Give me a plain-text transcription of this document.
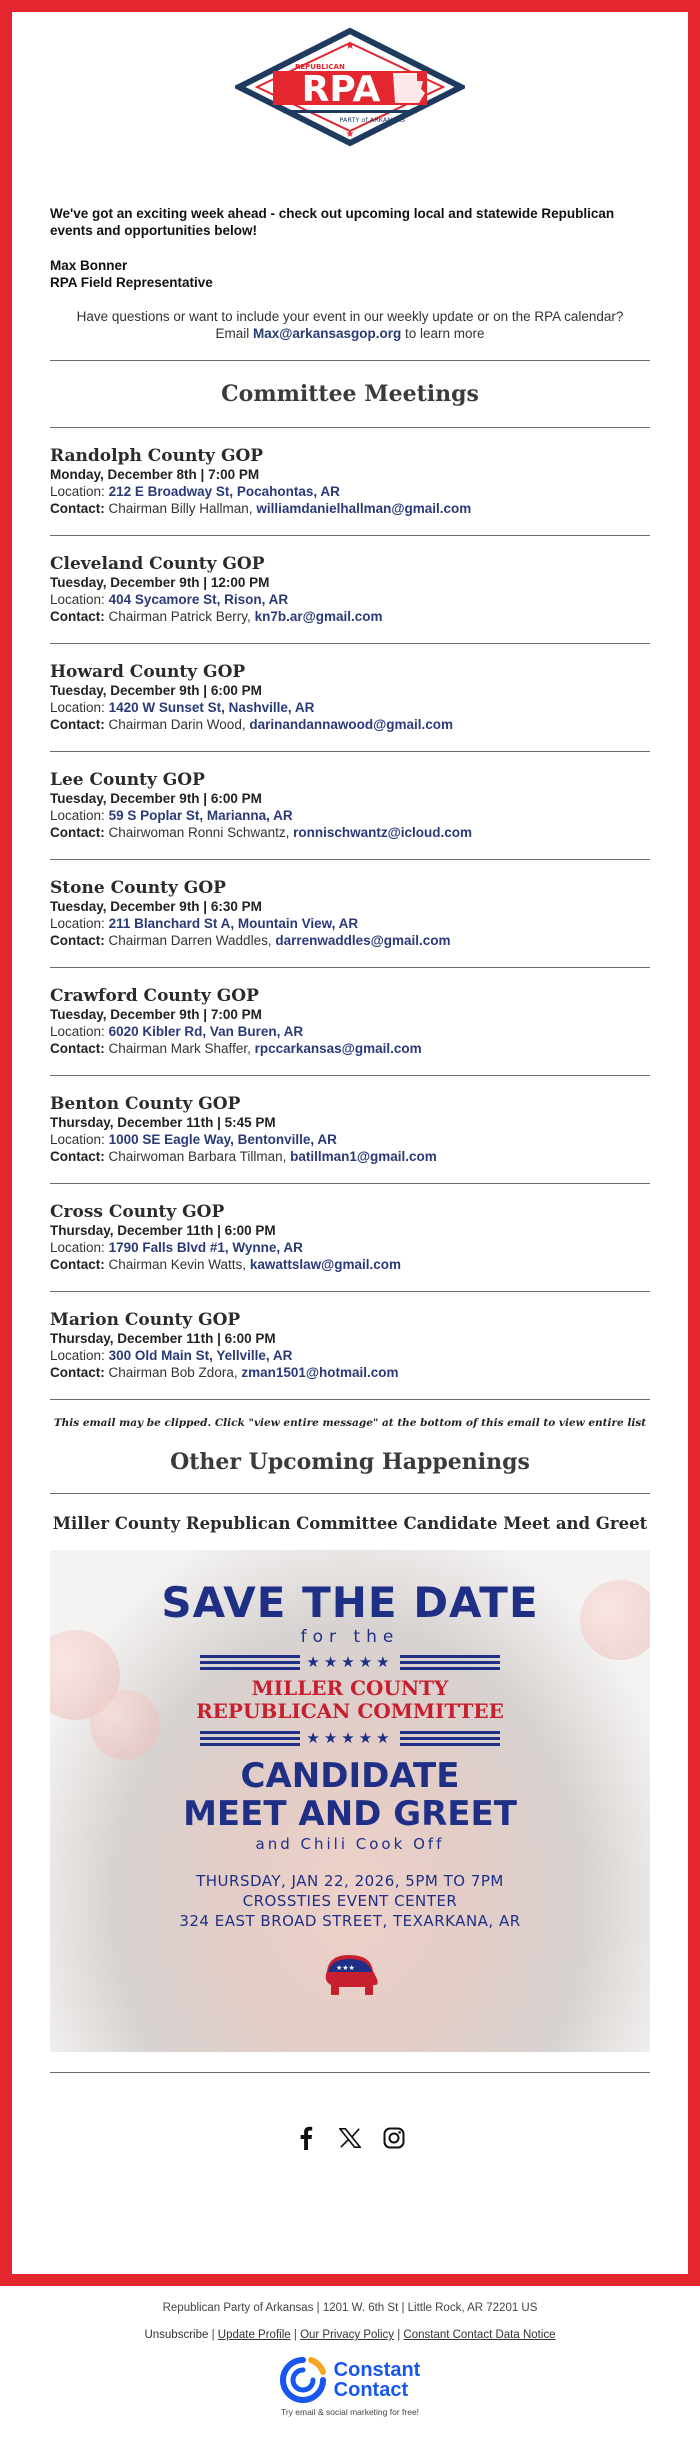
★
REPUBLICAN
RPA
PARTY of ARKANSAS
★

We've got an exciting week ahead - check out upcoming local and statewide Republican events and opportunities below!

Max Bonner
RPA Field Representative
Have questions or want to include your event in our weekly update or on the RPA calendar?
Email Max@arkansasgop.org to learn more
Committee Meetings
Randolph County GOP
Monday, December 8th | 7:00 PM
Location: 212 E Broadway St, Pocahontas, AR
Contact: Chairman Billy Hallman, williamdanielhallman@gmail.com
Cleveland County GOP
Tuesday, December 9th | 12:00 PM
Location: 404 Sycamore St, Rison, AR
Contact: Chairman Patrick Berry, kn7b.ar@gmail.com
Howard County GOP
Tuesday, December 9th | 6:00 PM
Location: 1420 W Sunset St, Nashville, AR
Contact: Chairman Darin Wood, darinandannawood@gmail.com
Lee County GOP
Tuesday, December 9th | 6:00 PM
Location: 59 S Poplar St, Marianna, AR
Contact: Chairwoman Ronni Schwantz, ronnischwantz@icloud.com
Stone County GOP
Tuesday, December 9th | 6:30 PM
Location: 211 Blanchard St A, Mountain View, AR
Contact: Chairman Darren Waddles, darrenwaddles@gmail.com
Crawford County GOP
Tuesday, December 9th | 7:00 PM
Location: 6020 Kibler Rd, Van Buren, AR
Contact: Chairman Mark Shaffer, rpccarkansas@gmail.com
Benton County GOP
Thursday, December 11th | 5:45 PM
Location: 1000 SE Eagle Way, Bentonville, AR
Contact: Chairwoman Barbara Tillman, batillman1@gmail.com
Cross County GOP
Thursday, December 11th | 6:00 PM
Location: 1790 Falls Blvd #1, Wynne, AR
Contact: Chairman Kevin Watts, kawattslaw@gmail.com
Marion County GOP
Thursday, December 11th | 6:00 PM
Location: 300 Old Main St, Yellville, AR
Contact: Chairman Bob Zdora, zman1501@hotmail.com

This email may be clipped. Click "view entire message" at the bottom of this email to view entire list

Other Upcoming Happenings
Miller County Republican Committee Candidate Meet and Greet
SAVE THE DATE
for the
★★★★★
MILLER COUNTY
REPUBLICAN COMMITTEE
★★★★★
CANDIDATE
MEET AND GREET
and Chili Cook Off
THURSDAY, JAN 22, 2026, 5PM TO 7PM
CROSSTIES EVENT CENTER
324 EAST BROAD STREET, TEXARKANA, AR
★★★
Republican Party of Arkansas | 1201 W. 6th St | Little Rock, AR 72201 US
Unsubscribe | Update Profile | Our Privacy Policy | Constant Contact Data Notice
Constant
Contact
Try email & social marketing for free!
